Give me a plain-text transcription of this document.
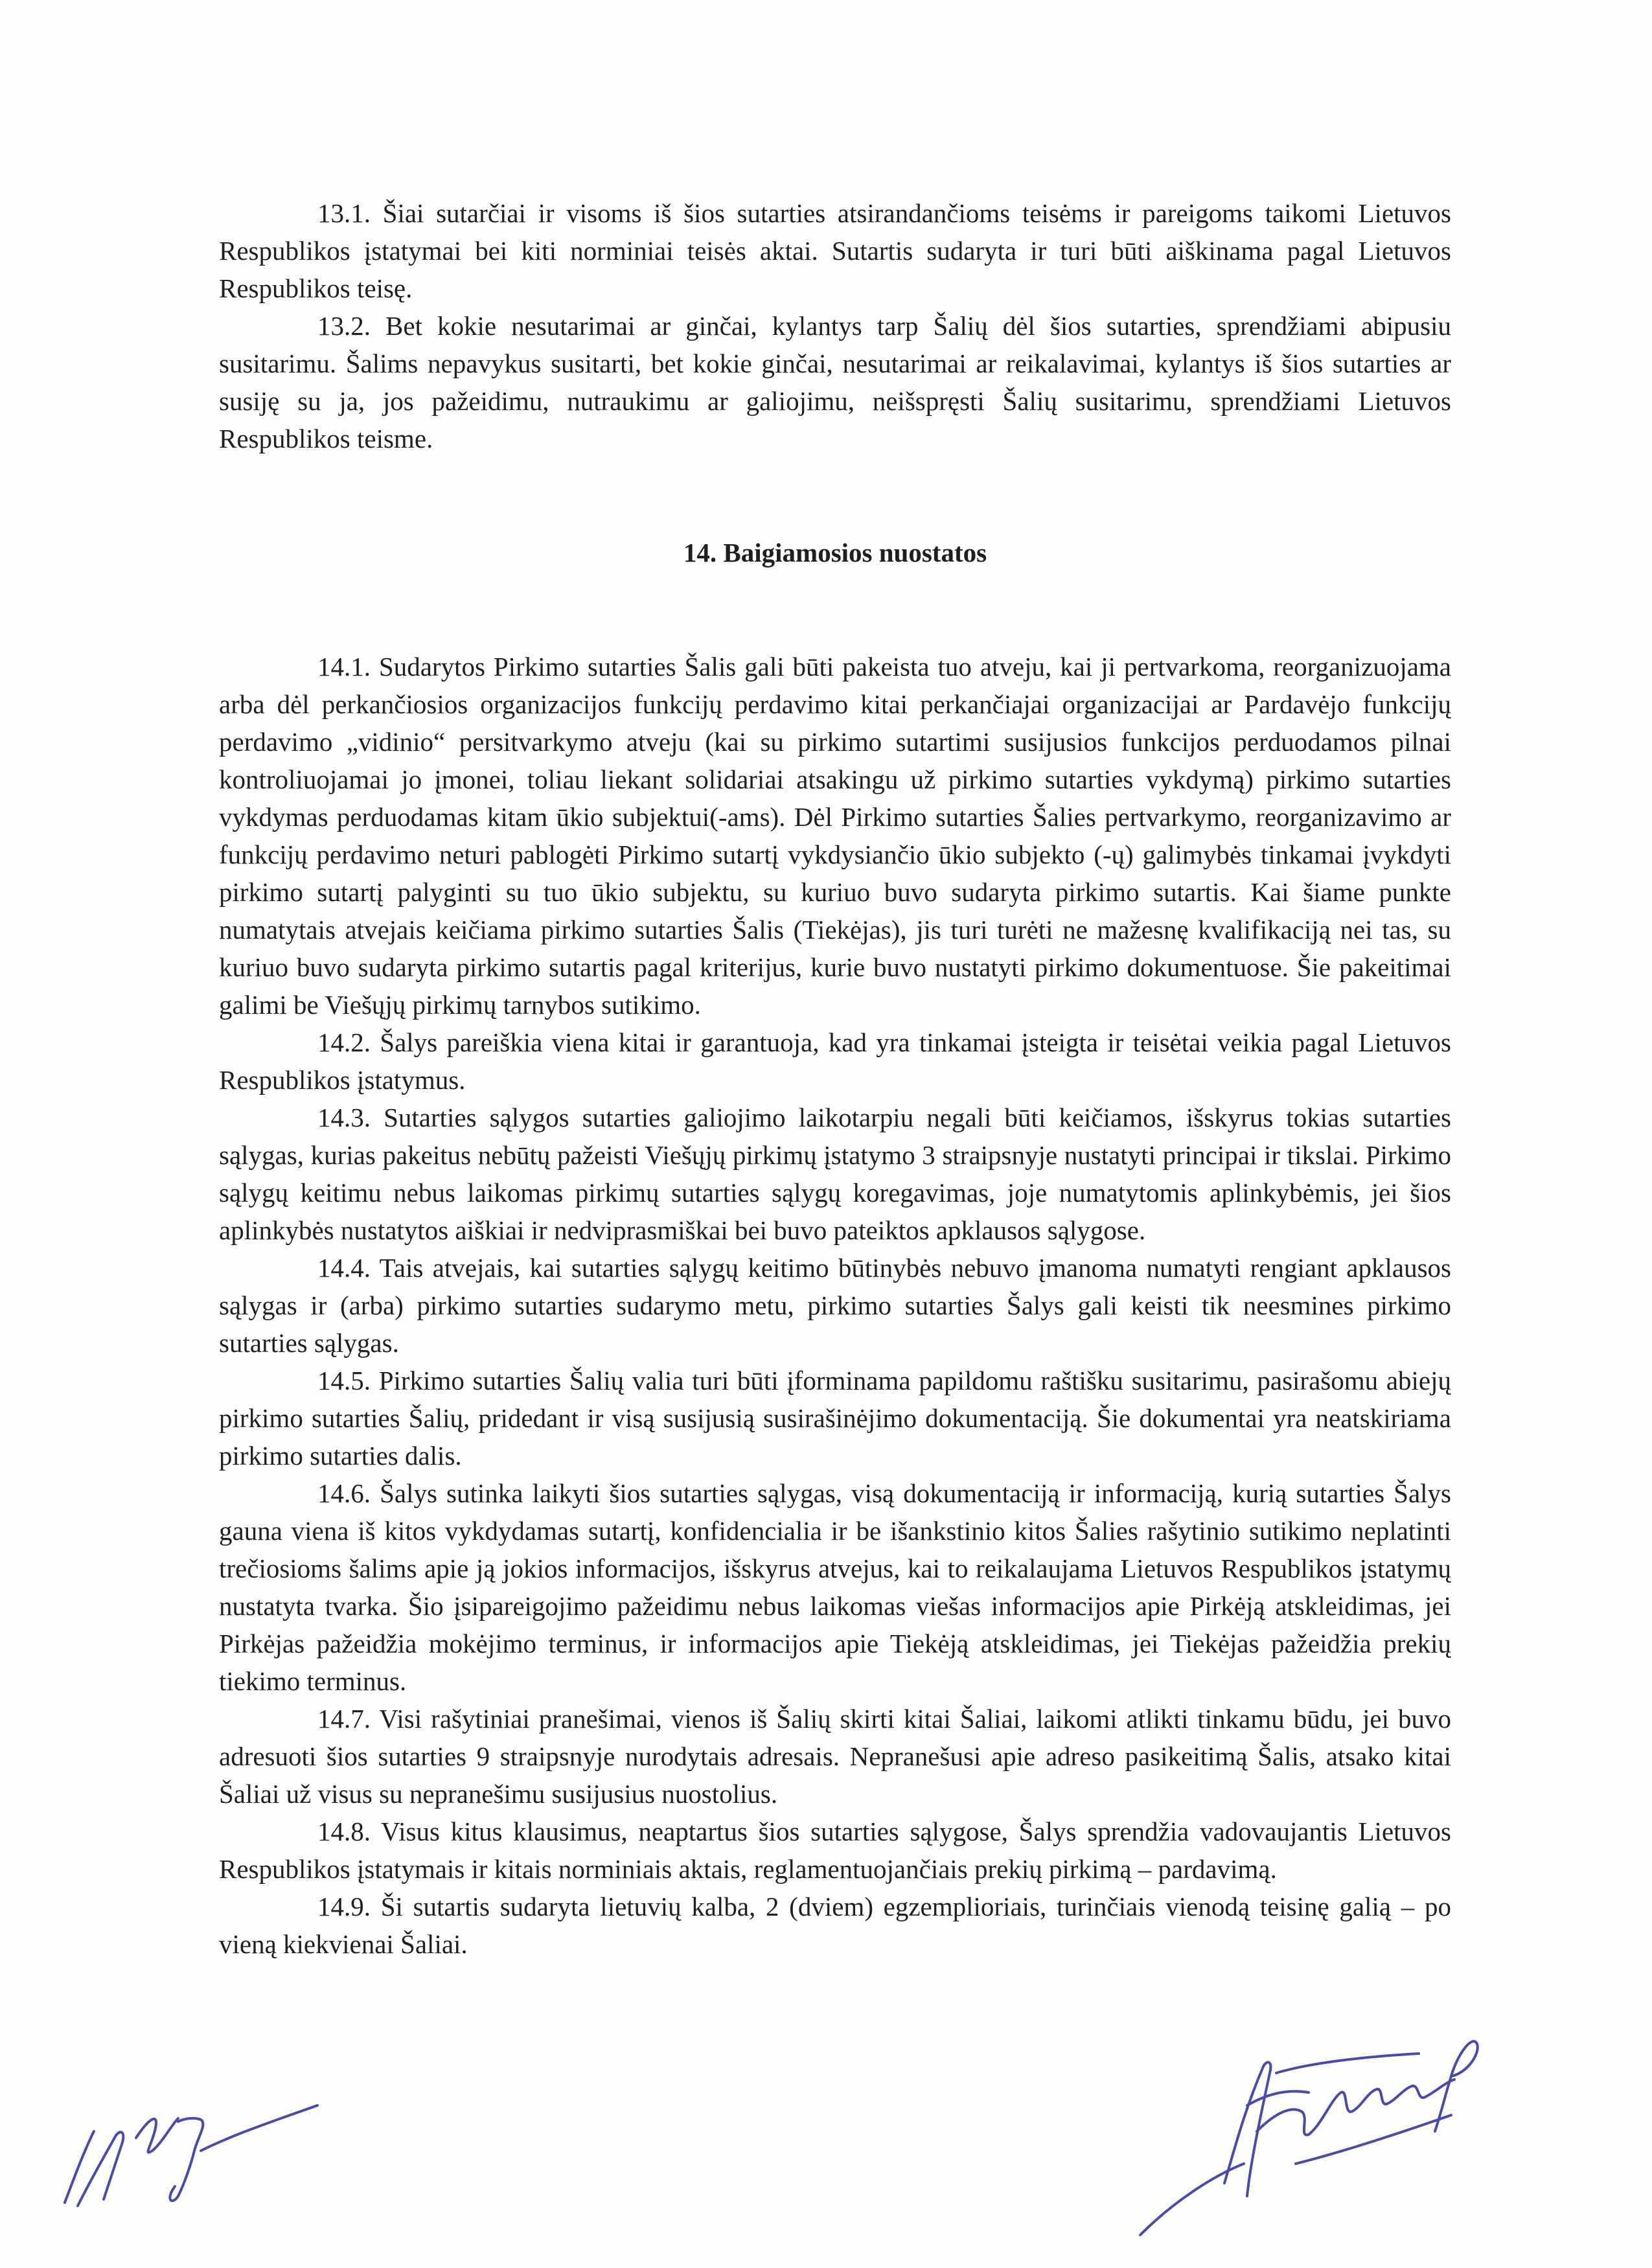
13.1. Šiai sutarčiai ir visoms iš šios sutarties atsirandančioms teisėms ir pareigoms taikomi Lietuvos Respublikos įstatymai bei kiti norminiai teisės aktai. Sutartis sudaryta ir turi būti aiškinama pagal Lietuvos Respublikos teisę.

13.2. Bet kokie nesutarimai ar ginčai, kylantys tarp Šalių dėl šios sutarties, sprendžiami abipusiu susitarimu. Šalims nepavykus susitarti, bet kokie ginčai, nesutarimai ar reikalavimai, kylantys iš šios sutarties ar susiję su ja, jos pažeidimu, nutraukimu ar galiojimu, neišspręsti Šalių susitarimu, sprendžiami Lietuvos Respublikos teisme.

14. Baigiamosios nuostatos

14.1. Sudarytos Pirkimo sutarties Šalis gali būti pakeista tuo atveju, kai ji pertvarkoma, reorganizuojama arba dėl perkančiosios organizacijos funkcijų perdavimo kitai perkančiajai organizacijai ar Pardavėjo funkcijų perdavimo „vidinio“ persitvarkymo atveju (kai su pirkimo sutartimi susijusios funkcijos perduodamos pilnai kontroliuojamai jo įmonei, toliau liekant solidariai atsakingu už pirkimo sutarties vykdymą) pirkimo sutarties vykdymas perduodamas kitam ūkio subjektui(-ams). Dėl Pirkimo sutarties Šalies pertvarkymo, reorganizavimo ar funkcijų perdavimo neturi pablogėti Pirkimo sutartį vykdysiančio ūkio subjekto (-ų) galimybės tinkamai įvykdyti pirkimo sutartį palyginti su tuo ūkio subjektu, su kuriuo buvo sudaryta pirkimo sutartis. Kai šiame punkte numatytais atvejais keičiama pirkimo sutarties Šalis (Tiekėjas), jis turi turėti ne mažesnę kvalifikaciją nei tas, su kuriuo buvo sudaryta pirkimo sutartis pagal kriterijus, kurie buvo nustatyti pirkimo dokumentuose. Šie pakeitimai galimi be Viešųjų pirkimų tarnybos sutikimo.

14.2. Šalys pareiškia viena kitai ir garantuoja, kad yra tinkamai įsteigta ir teisėtai veikia pagal Lietuvos Respublikos įstatymus.

14.3. Sutarties sąlygos sutarties galiojimo laikotarpiu negali būti keičiamos, išskyrus tokias sutarties sąlygas, kurias pakeitus nebūtų pažeisti Viešųjų pirkimų įstatymo 3 straipsnyje nustatyti principai ir tikslai. Pirkimo sąlygų keitimu nebus laikomas pirkimų sutarties sąlygų koregavimas, joje numatytomis aplinkybėmis, jei šios aplinkybės nustatytos aiškiai ir nedviprasmiškai bei buvo pateiktos apklausos sąlygose.

14.4. Tais atvejais, kai sutarties sąlygų keitimo būtinybės nebuvo įmanoma numatyti rengiant apklausos sąlygas ir (arba) pirkimo sutarties sudarymo metu, pirkimo sutarties Šalys gali keisti tik neesmines pirkimo sutarties sąlygas.

14.5. Pirkimo sutarties Šalių valia turi būti įforminama papildomu raštišku susitarimu, pasirašomu abiejų pirkimo sutarties Šalių, pridedant ir visą susijusią susirašinėjimo dokumentaciją. Šie dokumentai yra neatskiriama pirkimo sutarties dalis.

14.6. Šalys sutinka laikyti šios sutarties sąlygas, visą dokumentaciją ir informaciją, kurią sutarties Šalys gauna viena iš kitos vykdydamas sutartį, konfidencialia ir be išankstinio kitos Šalies rašytinio sutikimo neplatinti trečiosioms šalims apie ją jokios informacijos, išskyrus atvejus, kai to reikalaujama Lietuvos Respublikos įstatymų nustatyta tvarka. Šio įsipareigojimo pažeidimu nebus laikomas viešas informacijos apie Pirkėją atskleidimas, jei Pirkėjas pažeidžia mokėjimo terminus, ir informacijos apie Tiekėją atskleidimas, jei Tiekėjas pažeidžia prekių tiekimo terminus.

14.7. Visi rašytiniai pranešimai, vienos iš Šalių skirti kitai Šaliai, laikomi atlikti tinkamu būdu, jei buvo adresuoti šios sutarties 9 straipsnyje nurodytais adresais. Nepranešusi apie adreso pasikeitimą Šalis, atsako kitai Šaliai už visus su nepranešimu susijusius nuostolius.

14.8. Visus kitus klausimus, neaptartus šios sutarties sąlygose, Šalys sprendžia vadovaujantis Lietuvos Respublikos įstatymais ir kitais norminiais aktais, reglamentuojančiais prekių pirkimą – pardavimą.

14.9. Ši sutartis sudaryta lietuvių kalba, 2 (dviem) egzemplioriais, turinčiais vienodą teisinę galią – po vieną kiekvienai Šaliai.
